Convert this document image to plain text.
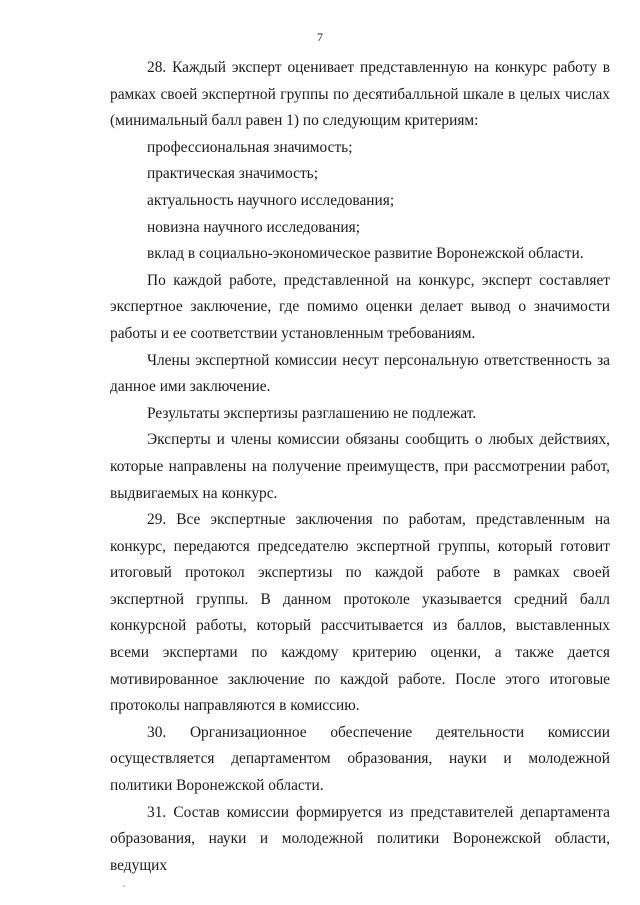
7

28. Каждый эксперт оценивает представленную на конкурс работу в рамках своей экспертной группы по десятибалльной шкале в целых числах (минимальный балл равен 1) по следующим критериям:

профессиональная значимость;

практическая значимость;

актуальность научного исследования;

новизна научного исследования;

вклад в социально-экономическое развитие Воронежской области.

По каждой работе, представленной на конкурс, эксперт составляет экспертное заключение, где помимо оценки делает вывод о значимости работы и ее соответствии установленным требованиям.

Члены экспертной комиссии несут персональную ответственность за данное ими заключение.

Результаты экспертизы разглашению не подлежат.

Эксперты и члены комиссии обязаны сообщить о любых действиях, которые направлены на получение преимуществ, при рассмотрении работ, выдвигаемых на конкурс.

29. Все экспертные заключения по работам, представленным на конкурс, передаются председателю экспертной группы, который готовит итоговый протокол экспертизы по каждой работе в рамках своей экспертной группы. В данном протоколе указывается средний балл конкурсной работы, который рассчитывается из баллов, выставленных всеми экспертами по каждому критерию оценки, а также дается мотивированное заключение по каждой работе. После этого итоговые протоколы направляются в комиссию.

30. Организационное обеспечение деятельности комиссии осуществляется департаментом образования, науки и молодежной политики Воронежской области.

31. Состав комиссии формируется из представителей департамента образования, науки и молодежной политики Воронежской области, ведущих
